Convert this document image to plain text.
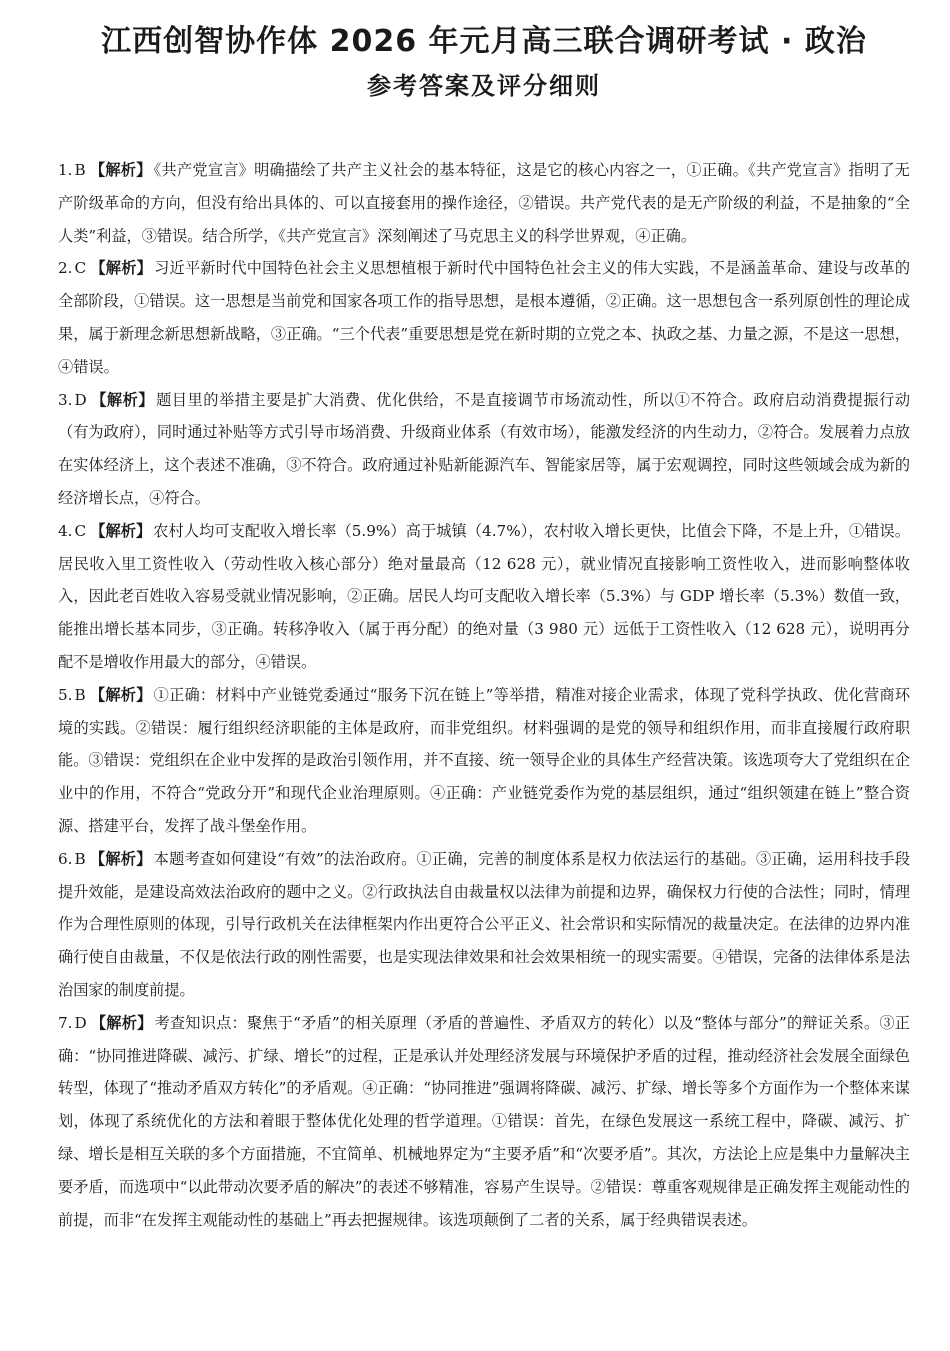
江西创智协作体 2026 年元月高三联合调研考试 · 政治
参考答案及评分细则

1. B 【解析】 《共产党宣言》明确描绘了共产主义社会的基本特征，这是它的核心内容之一，①正确。《共产党宣言》指明了无产阶级革命的方向，但没有给出具体的、可以直接套用的操作途径，②错误。共产党代表的是无产阶级的利益，不是抽象的“全人类”利益，③错误。结合所学，《共产党宣言》深刻阐述了马克思主义的科学世界观，④正确。

2. C 【解析】 习近平新时代中国特色社会主义思想植根于新时代中国特色社会主义的伟大实践，不是涵盖革命、建设与改革的全部阶段，①错误。这一思想是当前党和国家各项工作的指导思想，是根本遵循，②正确。这一思想包含一系列原创性的理论成果，属于新理念新思想新战略，③正确。“三个代表”重要思想是党在新时期的立党之本、执政之基、力量之源，不是这一思想，④错误。

3. D 【解析】 题目里的举措主要是扩大消费、优化供给，不是直接调节市场流动性，所以①不符合。政府启动消费提振行动（有为政府），同时通过补贴等方式引导市场消费、升级商业体系（有效市场），能激发经济的内生动力，②符合。发展着力点放在实体经济上，这个表述不准确，③不符合。政府通过补贴新能源汽车、智能家居等，属于宏观调控，同时这些领域会成为新的经济增长点，④符合。

4. C 【解析】 农村人均可支配收入增长率（5.9%）高于城镇（4.7%），农村收入增长更快，比值会下降，不是上升，①错误。居民收入里工资性收入（劳动性收入核心部分）绝对量最高（12 628 元），就业情况直接影响工资性收入，进而影响整体收入，因此老百姓收入容易受就业情况影响，②正确。居民人均可支配收入增长率（5.3%）与 GDP 增长率（5.3%）数值一致，能推出增长基本同步，③正确。转移净收入（属于再分配）的绝对量（3 980 元）远低于工资性收入（12 628 元），说明再分配不是增收作用最大的部分，④错误。

5. B 【解析】 ①正确：材料中产业链党委通过“服务下沉在链上”等举措，精准对接企业需求，体现了党科学执政、优化营商环境的实践。②错误：履行组织经济职能的主体是政府，而非党组织。材料强调的是党的领导和组织作用，而非直接履行政府职能。③错误：党组织在企业中发挥的是政治引领作用，并不直接、统一领导企业的具体生产经营决策。该选项夸大了党组织在企业中的作用，不符合“党政分开”和现代企业治理原则。④正确：产业链党委作为党的基层组织，通过“组织领建在链上”整合资源、搭建平台，发挥了战斗堡垒作用。

6. B 【解析】 本题考查如何建设“有效”的法治政府。①正确，完善的制度体系是权力依法运行的基础。③正确，运用科技手段提升效能，是建设高效法治政府的题中之义。②行政执法自由裁量权以法律为前提和边界，确保权力行使的合法性；同时，情理作为合理性原则的体现，引导行政机关在法律框架内作出更符合公平正义、社会常识和实际情况的裁量决定。在法律的边界内准确行使自由裁量，不仅是依法行政的刚性需要，也是实现法律效果和社会效果相统一的现实需要。④错误，完备的法律体系是法治国家的制度前提。

7. D 【解析】 考查知识点：聚焦于“矛盾”的相关原理（矛盾的普遍性、矛盾双方的转化）以及“整体与部分”的辩证关系。③正确：“协同推进降碳、减污、扩绿、增长”的过程，正是承认并处理经济发展与环境保护矛盾的过程，推动经济社会发展全面绿色转型，体现了“推动矛盾双方转化”的矛盾观。④正确：“协同推进”强调将降碳、减污、扩绿、增长等多个方面作为一个整体来谋划，体现了系统优化的方法和着眼于整体优化处理的哲学道理。①错误：首先，在绿色发展这一系统工程中，降碳、减污、扩绿、增长是相互关联的多个方面措施，不宜简单、机械地界定为“主要矛盾”和“次要矛盾”。其次，方法论上应是集中力量解决主要矛盾，而选项中“以此带动次要矛盾的解决”的表述不够精准，容易产生误导。②错误：尊重客观规律是正确发挥主观能动性的前提，而非“在发挥主观能动性的基础上”再去把握规律。该选项颠倒了二者的关系，属于经典错误表述。
